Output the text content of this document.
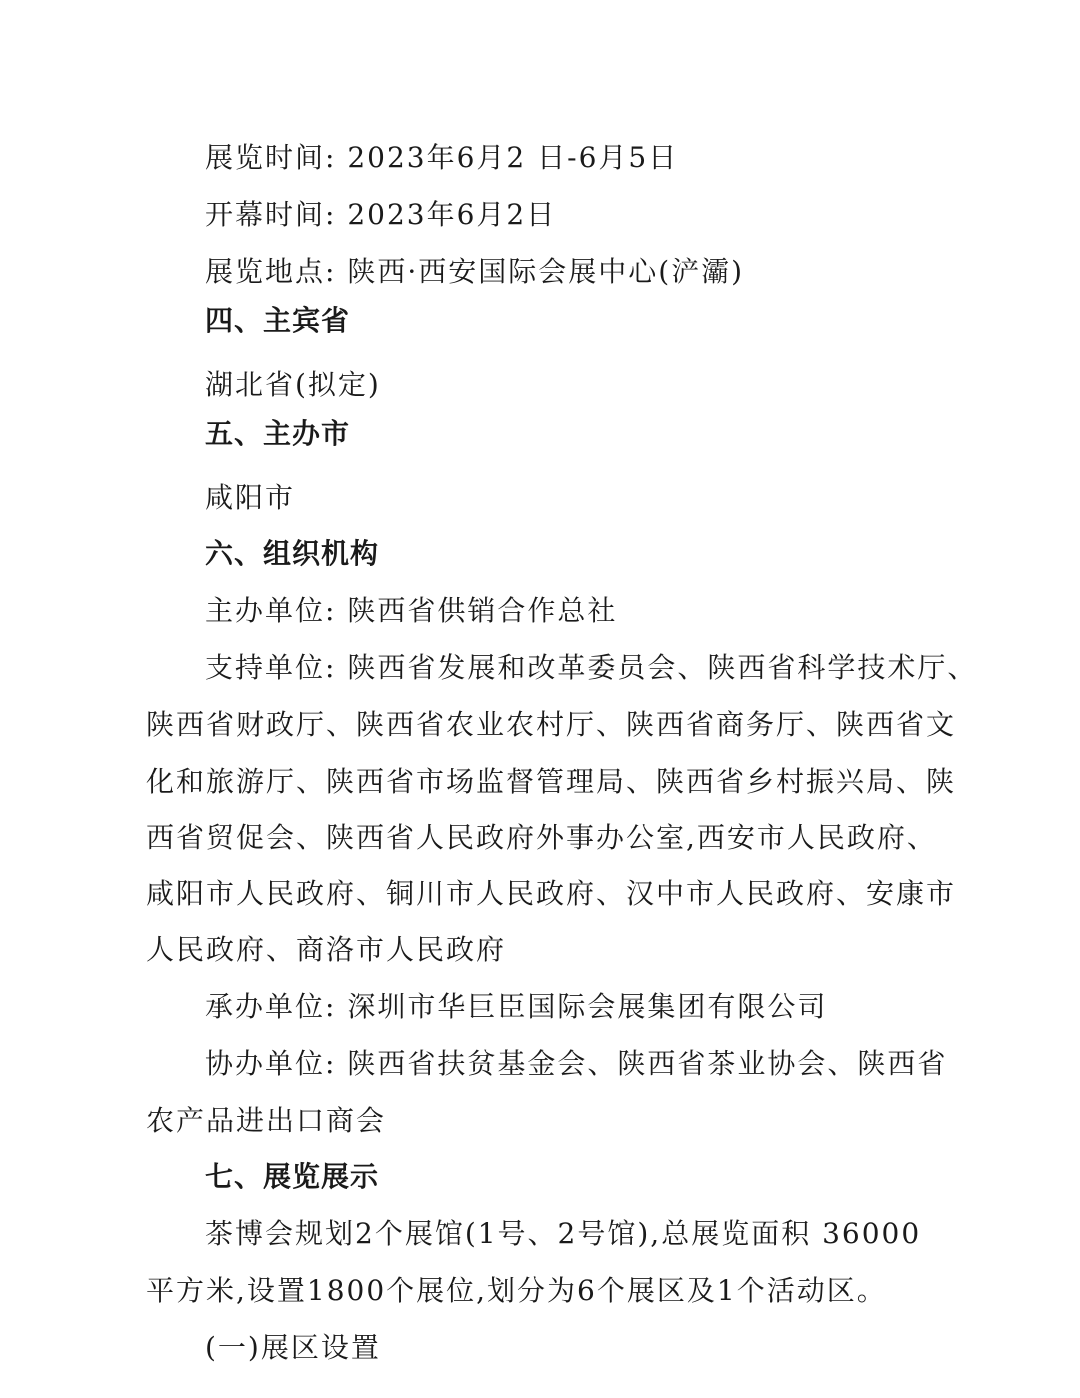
展览时间: 2023年6月2 日-6月5日
开幕时间: 2023年6月2日
展览地点: 陕西·西安国际会展中心(浐灞)
四、主宾省
湖北省(拟定)
五、主办市
咸阳市
六、组织机构
主办单位: 陕西省供销合作总社
支持单位: 陕西省发展和改革委员会、陕西省科学技术厅、
陕西省财政厅、陕西省农业农村厅、陕西省商务厅、陕西省文
化和旅游厅、陕西省市场监督管理局、陕西省乡村振兴局、陕
西省贸促会、陕西省人民政府外事办公室,西安市人民政府、
咸阳市人民政府、铜川市人民政府、汉中市人民政府、安康市
人民政府、商洛市人民政府
承办单位: 深圳市华巨臣国际会展集团有限公司
协办单位: 陕西省扶贫基金会、陕西省茶业协会、陕西省
农产品进出口商会
七、展览展示
茶博会规划2个展馆(1号、2号馆),总展览面积 36000
平方米,设置1800个展位,划分为6个展区及1个活动区。
(一)展区设置
